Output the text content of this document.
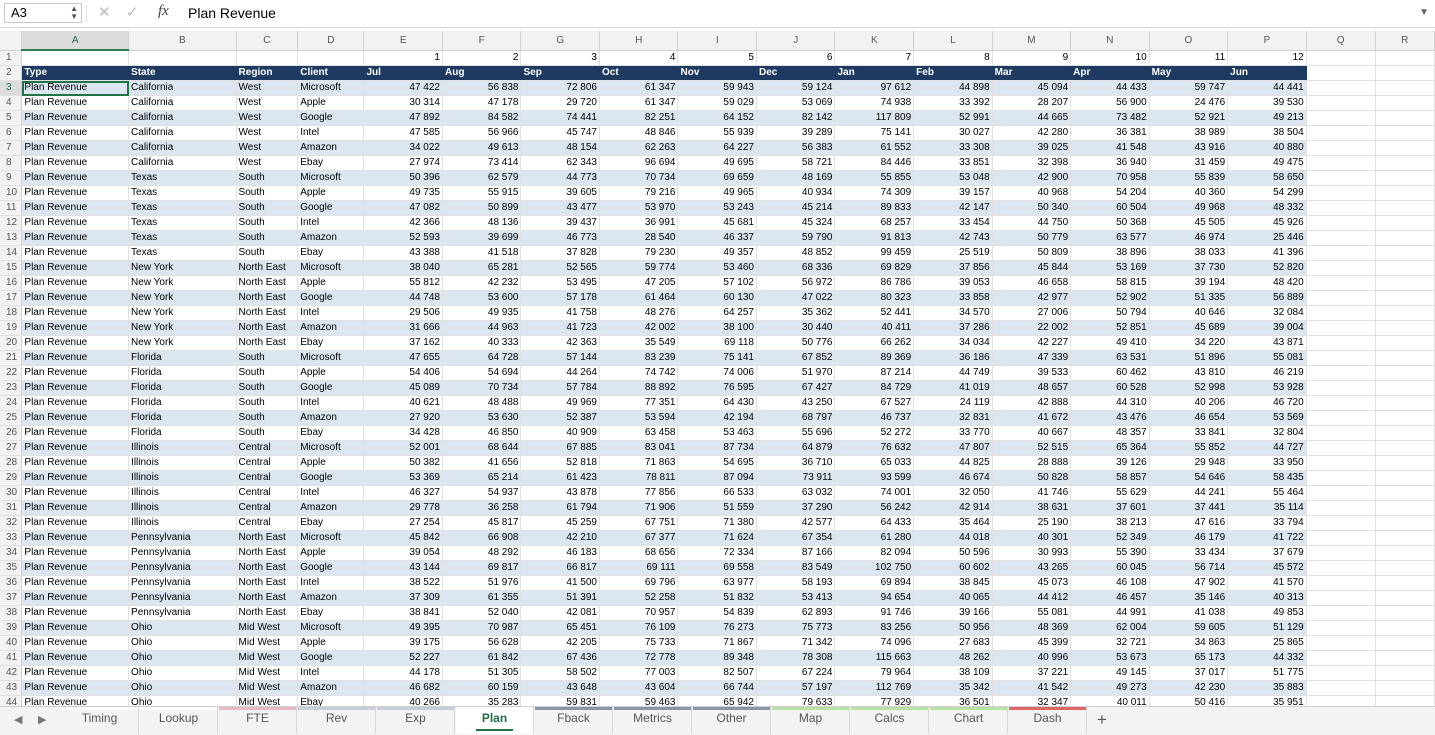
A3	▲
▼ ✕ ✓ fx Plan Revenue	▼
	A	B	C	D	E	F	G	H	I	J	K	L	M	N	O	P	Q	R
1					1	2	3	4	5	6	7	8	9	10	11	12		
2	Type	State	Region	Client	Jul	Aug	Sep	Oct	Nov	Dec	Jan	Feb	Mar	Apr	May	Jun		
3	Plan Revenue	California	West	Microsoft	47 422	56 838	72 806	61 347	59 943	59 124	97 612	44 898	45 094	44 433	59 747	44 441		
4	Plan Revenue	California	West	Apple	30 314	47 178	29 720	61 347	59 029	53 069	74 938	33 392	28 207	56 900	24 476	39 530		
5	Plan Revenue	California	West	Google	47 892	84 582	74 441	82 251	64 152	82 142	117 809	52 991	44 665	73 482	52 921	49 213		
6	Plan Revenue	California	West	Intel	47 585	56 966	45 747	48 846	55 939	39 289	75 141	30 027	42 280	36 381	38 989	38 504		
7	Plan Revenue	California	West	Amazon	34 022	49 613	48 154	62 263	64 227	56 383	61 552	33 308	39 025	41 548	43 916	40 880		
8	Plan Revenue	California	West	Ebay	27 974	73 414	62 343	96 694	49 695	58 721	84 446	33 851	32 398	36 940	31 459	49 475		
9	Plan Revenue	Texas	South	Microsoft	50 396	62 579	44 773	70 734	69 659	48 169	55 855	53 048	42 900	70 958	55 839	58 650		
10	Plan Revenue	Texas	South	Apple	49 735	55 915	39 605	79 216	49 965	40 934	74 309	39 157	40 968	54 204	40 360	54 299		
11	Plan Revenue	Texas	South	Google	47 082	50 899	43 477	53 970	53 243	45 214	89 833	42 147	50 340	60 504	49 968	48 332		
12	Plan Revenue	Texas	South	Intel	42 366	48 136	39 437	36 991	45 681	45 324	68 257	33 454	44 750	50 368	45 505	45 926		
13	Plan Revenue	Texas	South	Amazon	52 593	39 699	46 773	28 540	46 337	59 790	91 813	42 743	50 779	63 577	46 974	25 446		
14	Plan Revenue	Texas	South	Ebay	43 388	41 518	37 828	79 230	49 357	48 852	99 459	25 519	50 809	38 896	38 033	41 396		
15	Plan Revenue	New York	North East	Microsoft	38 040	65 281	52 565	59 774	53 460	68 336	69 829	37 856	45 844	53 169	37 730	52 820		
16	Plan Revenue	New York	North East	Apple	55 812	42 232	53 495	47 205	57 102	56 972	86 786	39 053	46 658	58 815	39 194	48 420		
17	Plan Revenue	New York	North East	Google	44 748	53 600	57 178	61 464	60 130	47 022	80 323	33 858	42 977	52 902	51 335	56 889		
18	Plan Revenue	New York	North East	Intel	29 506	49 935	41 758	48 276	64 257	35 362	52 441	34 570	27 006	50 794	40 646	32 084		
19	Plan Revenue	New York	North East	Amazon	31 666	44 963	41 723	42 002	38 100	30 440	40 411	37 286	22 002	52 851	45 689	39 004		
20	Plan Revenue	New York	North East	Ebay	37 162	40 333	42 363	35 549	69 118	50 776	66 262	34 034	42 227	49 410	34 220	43 871		
21	Plan Revenue	Florida	South	Microsoft	47 655	64 728	57 144	83 239	75 141	67 852	89 369	36 186	47 339	63 531	51 896	55 081		
22	Plan Revenue	Florida	South	Apple	54 406	54 694	44 264	74 742	74 006	51 970	87 214	44 749	39 533	60 462	43 810	46 219		
23	Plan Revenue	Florida	South	Google	45 089	70 734	57 784	88 892	76 595	67 427	84 729	41 019	48 657	60 528	52 998	53 928		
24	Plan Revenue	Florida	South	Intel	40 621	48 488	49 969	77 351	64 430	43 250	67 527	24 119	42 888	44 310	40 206	46 720		
25	Plan Revenue	Florida	South	Amazon	27 920	53 630	52 387	53 594	42 194	68 797	46 737	32 831	41 672	43 476	46 654	53 569		
26	Plan Revenue	Florida	South	Ebay	34 428	46 850	40 909	63 458	53 463	55 696	52 272	33 770	40 667	48 357	33 841	32 804		
27	Plan Revenue	Illinois	Central	Microsoft	52 001	68 644	67 885	83 041	87 734	64 879	76 632	47 807	52 515	65 364	55 852	44 727		
28	Plan Revenue	Illinois	Central	Apple	50 382	41 656	52 818	71 863	54 695	36 710	65 033	44 825	28 888	39 126	29 948	33 950		
29	Plan Revenue	Illinois	Central	Google	53 369	65 214	61 423	78 811	87 094	73 911	93 599	46 674	50 828	58 857	54 646	58 435		
30	Plan Revenue	Illinois	Central	Intel	46 327	54 937	43 878	77 856	66 533	63 032	74 001	32 050	41 746	55 629	44 241	55 464		
31	Plan Revenue	Illinois	Central	Amazon	29 778	36 258	61 794	71 906	51 559	37 290	56 242	42 914	38 631	37 601	37 441	35 114		
32	Plan Revenue	Illinois	Central	Ebay	27 254	45 817	45 259	67 751	71 380	42 577	64 433	35 464	25 190	38 213	47 616	33 794		
33	Plan Revenue	Pennsylvania	North East	Microsoft	45 842	66 908	42 210	67 377	71 624	67 354	61 280	44 018	40 301	52 349	46 179	41 722		
34	Plan Revenue	Pennsylvania	North East	Apple	39 054	48 292	46 183	68 656	72 334	87 166	82 094	50 596	30 993	55 390	33 434	37 679		
35	Plan Revenue	Pennsylvania	North East	Google	43 144	69 817	66 817	69 111	69 558	83 549	102 750	60 602	43 265	60 045	56 714	45 572		
36	Plan Revenue	Pennsylvania	North East	Intel	38 522	51 976	41 500	69 796	63 977	58 193	69 894	38 845	45 073	46 108	47 902	41 570		
37	Plan Revenue	Pennsylvania	North East	Amazon	37 309	61 355	51 391	52 258	51 832	53 413	94 654	40 065	44 412	46 457	35 146	40 313		
38	Plan Revenue	Pennsylvania	North East	Ebay	38 841	52 040	42 081	70 957	54 839	62 893	91 746	39 166	55 081	44 991	41 038	49 853		
39	Plan Revenue	Ohio	Mid West	Microsoft	49 395	70 987	65 451	76 109	76 273	75 773	83 256	50 956	48 369	62 004	59 605	51 129		
40	Plan Revenue	Ohio	Mid West	Apple	39 175	56 628	42 205	75 733	71 867	71 342	74 096	27 683	45 399	32 721	34 863	25 865		
41	Plan Revenue	Ohio	Mid West	Google	52 227	61 842	67 436	72 778	89 348	78 308	115 663	48 262	40 996	53 673	65 173	44 332		
42	Plan Revenue	Ohio	Mid West	Intel	44 178	51 305	58 502	77 003	82 507	67 224	79 964	38 109	37 221	49 145	37 017	51 775		
43	Plan Revenue	Ohio	Mid West	Amazon	46 682	60 159	43 648	43 604	66 744	57 197	112 769	35 342	41 542	49 273	42 230	35 883		
44	Plan Revenue	Ohio	Mid West	Ebay	40 266	35 283	59 831	59 463	65 942	79 633	77 929	36 501	32 347	40 011	50 416	35 951		
◀ ▶	Timing	Lookup	FTE	Rev	Exp	Plan	Fback	Metrics	Other	Map	Calcs	Chart	Dash	+
